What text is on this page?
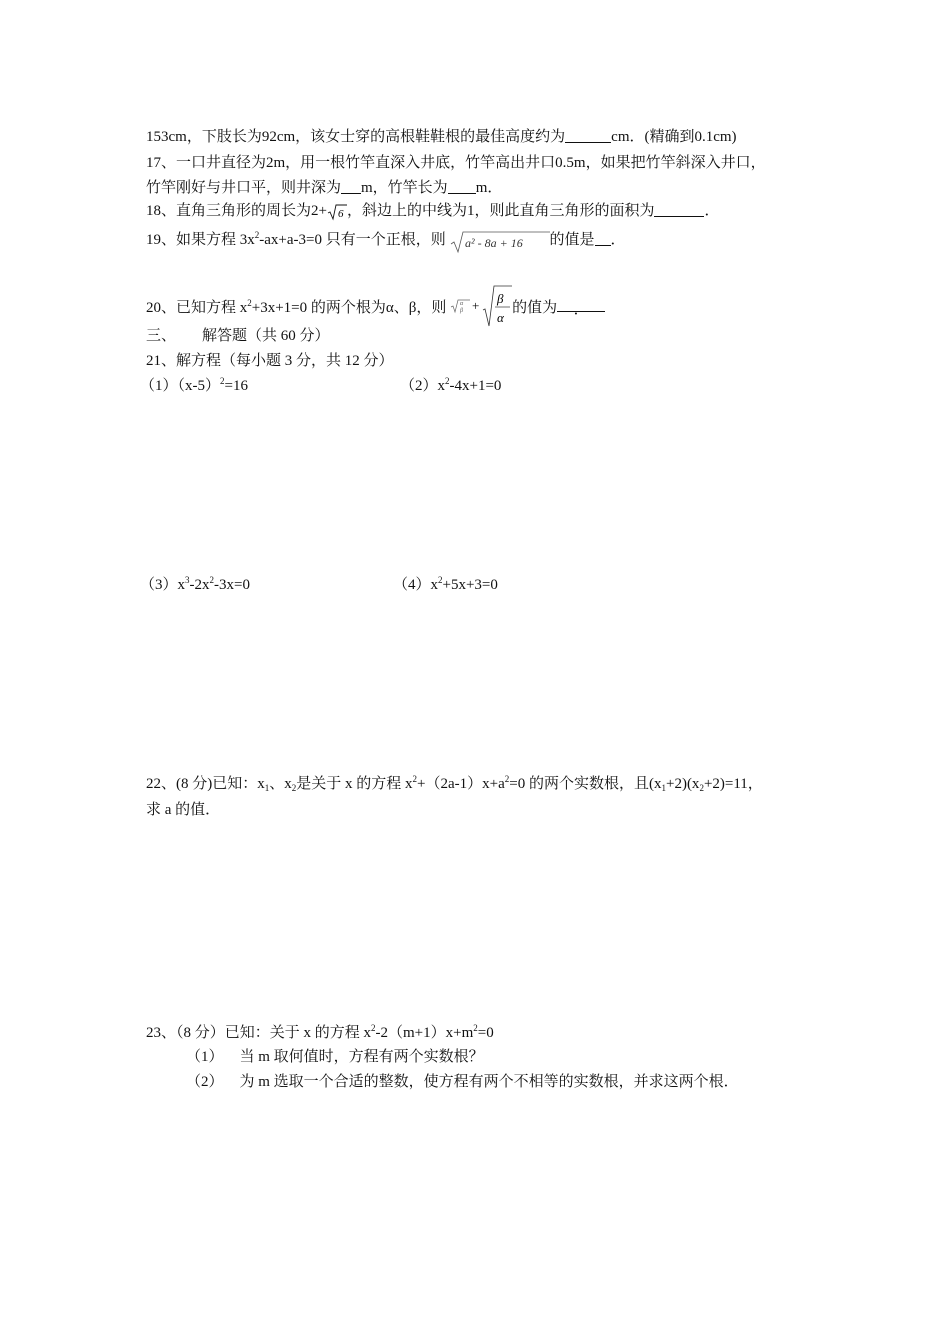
153cm，下肢长为92cm，该女士穿的高根鞋鞋根的最佳高度约为	cm．(精确到0.1cm)
17、一口井直径为2m，用一根竹竿直深入井底，竹竿高出井口0.5m，如果把竹竿斜深入井口，
竹竿刚好与井口平，则井深为 m，竹竿长为 m．
18、直角三角形的周长为2+ 6 ，斜边上的中线为1，则此直角三角形的面积为	．
19、如果方程 $3x^2-ax+a-3=0$ 只有一个正根，则 a² - 8a + 16 的值是 ．
20、已知方程 $x^2+3x+1=0$ 的两个根为α、β，则 α
β + β
α
的值为 ．
三、 解答题（共 60 分）
21、解方程（每小题 3 分，共 12 分）
$(1)(x-5)^2=16$	$(2)x^2-4x+1=0$
$(3)x^3-2x^2-3x=0$	$(4)x^2+5x+3=0$
22、(8 分)已知：$x_1$、$x_2$是关于 x 的方程 $x^2+(2a-1)x+a^2=0$ 的两个实数根，且$(x_1+2)(x_2+2)=11$，
求 a 的值．
23、（8 分）已知：关于 x 的方程 $x^2-2(m+1)x+m^2=0$
（1） 当 m 取何值时，方程有两个实数根？
（2） 为 m 选取一个合适的整数，使方程有两个不相等的实数根，并求这两个根．
